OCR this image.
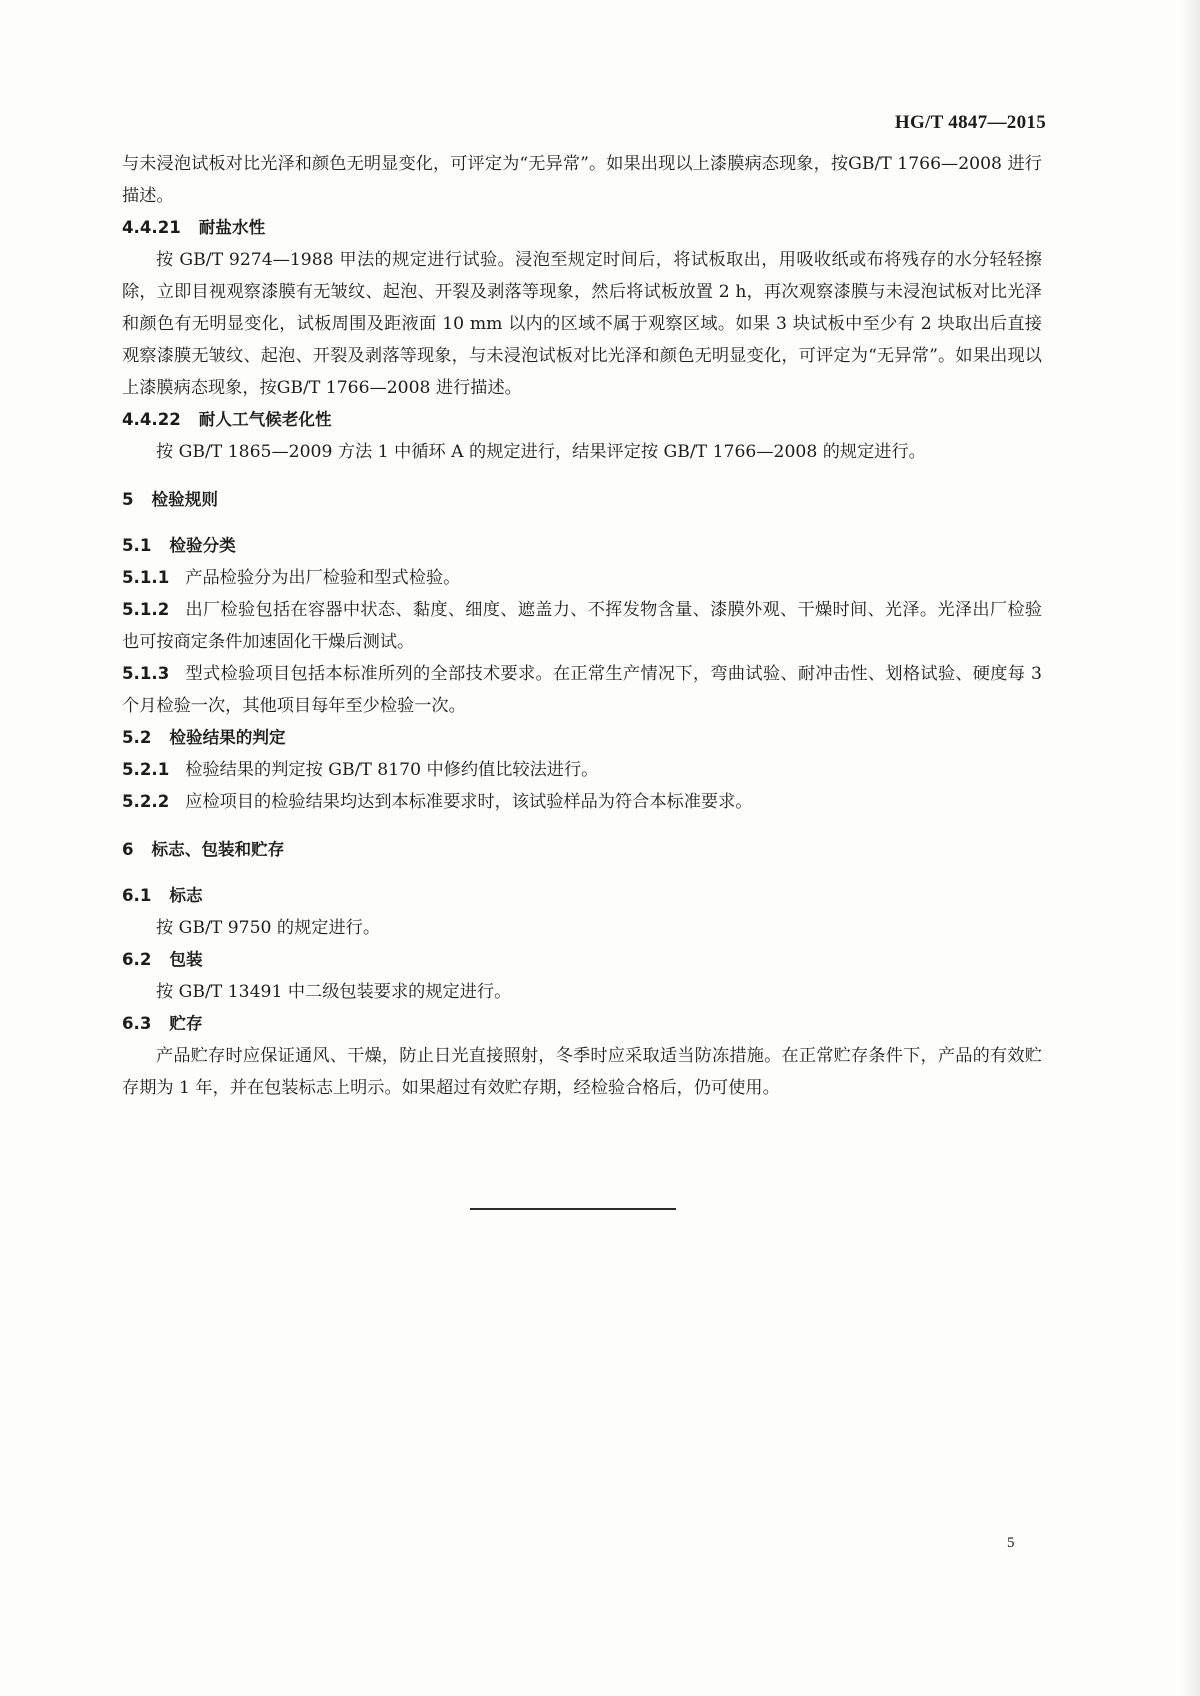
HG/T 4847—2015

与未浸泡试板对比光泽和颜色无明显变化，可评定为“无异常”。如果出现以上漆膜病态现象，按GB/T 1766—2008 进行描述。

4.4.21 耐盐水性

按 GB/T 9274—1988 甲法的规定进行试验。浸泡至规定时间后，将试板取出，用吸收纸或布将残存的水分轻轻擦除，立即目视观察漆膜有无皱纹、起泡、开裂及剥落等现象，然后将试板放置 2 h，再次观察漆膜与未浸泡试板对比光泽和颜色有无明显变化，试板周围及距液面 10 mm 以内的区域不属于观察区域。如果 3 块试板中至少有 2 块取出后直接观察漆膜无皱纹、起泡、开裂及剥落等现象，与未浸泡试板对比光泽和颜色无明显变化，可评定为“无异常”。如果出现以上漆膜病态现象，按GB/T 1766—2008 进行描述。

4.4.22 耐人工气候老化性

按 GB/T 1865—2009 方法 1 中循环 A 的规定进行，结果评定按 GB/T 1766—2008 的规定进行。

5 检验规则

5.1 检验分类

5.1.1 产品检验分为出厂检验和型式检验。

5.1.2 出厂检验包括在容器中状态、黏度、细度、遮盖力、不挥发物含量、漆膜外观、干燥时间、光泽。光泽出厂检验也可按商定条件加速固化干燥后测试。

5.1.3 型式检验项目包括本标准所列的全部技术要求。在正常生产情况下，弯曲试验、耐冲击性、划格试验、硬度每 3 个月检验一次，其他项目每年至少检验一次。

5.2 检验结果的判定

5.2.1 检验结果的判定按 GB/T 8170 中修约值比较法进行。

5.2.2 应检项目的检验结果均达到本标准要求时，该试验样品为符合本标准要求。

6 标志、包装和贮存

6.1 标志

按 GB/T 9750 的规定进行。

6.2 包装

按 GB/T 13491 中二级包装要求的规定进行。

6.3 贮存

产品贮存时应保证通风、干燥，防止日光直接照射，冬季时应采取适当防冻措施。在正常贮存条件下，产品的有效贮存期为 1 年，并在包装标志上明示。如果超过有效贮存期，经检验合格后，仍可使用。

5
